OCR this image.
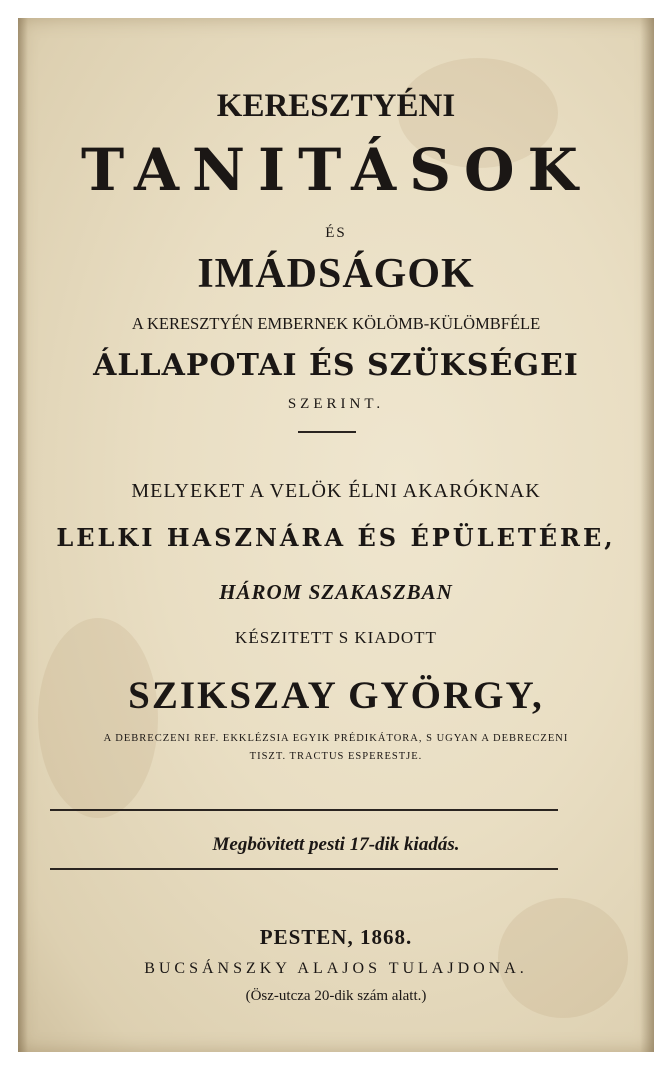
KERESZTYÉNI
TANITÁSOK
ÉS
IMÁDSÁGOK
A KERESZTYÉN EMBERNEK KÖLÖMB-KÜLÖMBFÉLE
ÁLLAPOTAI ÉS SZÜKSÉGEI
SZERINT.
MELYEKET A VELÖK ÉLNI AKARÓKNAK
LELKI HASZNÁRA ÉS ÉPÜLETÉRE,
HÁROM SZAKASZBAN
KÉSZITETT S KIADOTT
SZIKSZAY GYÖRGY,
A DEBRECZENI REF. EKKLÉZSIA EGYIK PRÉDIKÁTORA, S UGYAN A DEBRECZENI
TISZT. TRACTUS ESPERESTJE.
Megbövitett pesti 17-dik kiadás.
PESTEN, 1868.
BUCSÁNSZKY ALAJOS TULAJDONA.
(Ösz-utcza 20-dik szám alatt.)
